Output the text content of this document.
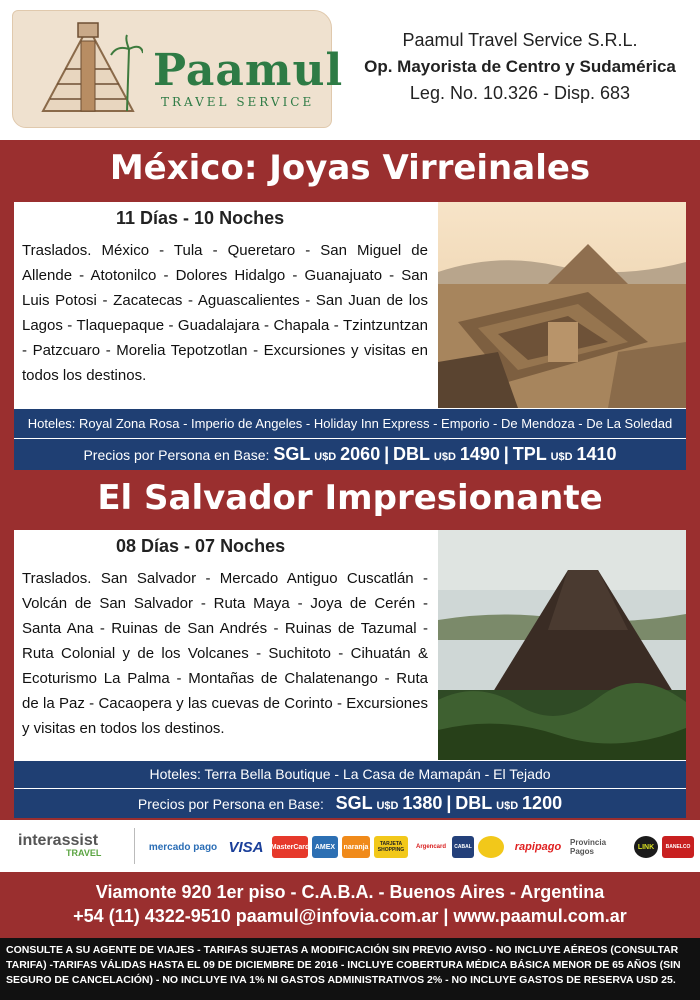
Paamul
TRAVEL SERVICE
Paamul Travel Service S.R.L.
Op. Mayorista de Centro y Sudamérica
Leg. No. 10.326 - Disp. 683
México: Joyas Virreinales
11 Días - 10 Noches
Traslados. México - Tula - Queretaro - San Miguel de Allende - Atotonilco - Dolores Hidalgo - Guanajuato - San Luis Potosi - Zacatecas - Aguascalientes - San Juan de los Lagos - Tlaquepaque - Guadalajara - Chapala - Tzintzuntzan - Patzcuaro - Morelia Tepotzotlan - Excursiones y visitas en todos los destinos.
Hoteles: Royal Zona Rosa - Imperio de Angeles - Holiday Inn Express - Emporio - De Mendoza - De La Soledad
Precios por Persona en Base: SGL U$D 2060 | DBL U$D 1490 | TPL U$D 1410
El Salvador Impresionante
08 Días - 07 Noches
Traslados. San Salvador - Mercado Antiguo Cuscatlán - Volcán de San Salvador - Ruta Maya - Joya de Cerén - Santa Ana - Ruinas de San Andrés - Ruinas de Tazumal - Ruta Colonial y de los Volcanes - Suchitoto - Cihuatán & Ecoturismo La Palma - Montañas de Chalatenango - Ruta de la Paz - Cacaopera y las cuevas de Corinto - Excursiones y visitas en todos los destinos.
Hoteles: Terra Bella Boutique - La Casa de Mamapán - El Tejado
Precios por Persona en Base: SGL U$D 1380 | DBL U$D 1200
interassist
TRAVEL
mercado pago VISA MasterCard AMEX naranja	TARJETA SHOPPING	Argencard CABAL	rapipago Provincia Pagos	LINK BANELCO
Viamonte 920 1er piso - C.A.B.A. - Buenos Aires - Argentina
+54 (11) 4322-9510 paamul@infovia.com.ar | www.paamul.com.ar
CONSULTE A SU AGENTE DE VIAJES - TARIFAS SUJETAS A MODIFICACIÓN SIN PREVIO AVISO - NO INCLUYE AÉREOS (CONSULTAR TARIFA) -TARIFAS VÁLIDAS HASTA EL 09 DE DICIEMBRE DE 2016 - INCLUYE COBERTURA MÉDICA BÁSICA MENOR DE 65 AÑOS (SIN SEGURO DE CANCELACIÓN) - NO INCLUYE IVA 1% NI GASTOS ADMINISTRATIVOS 2% - NO INCLUYE GASTOS DE RESERVA USD 25.
